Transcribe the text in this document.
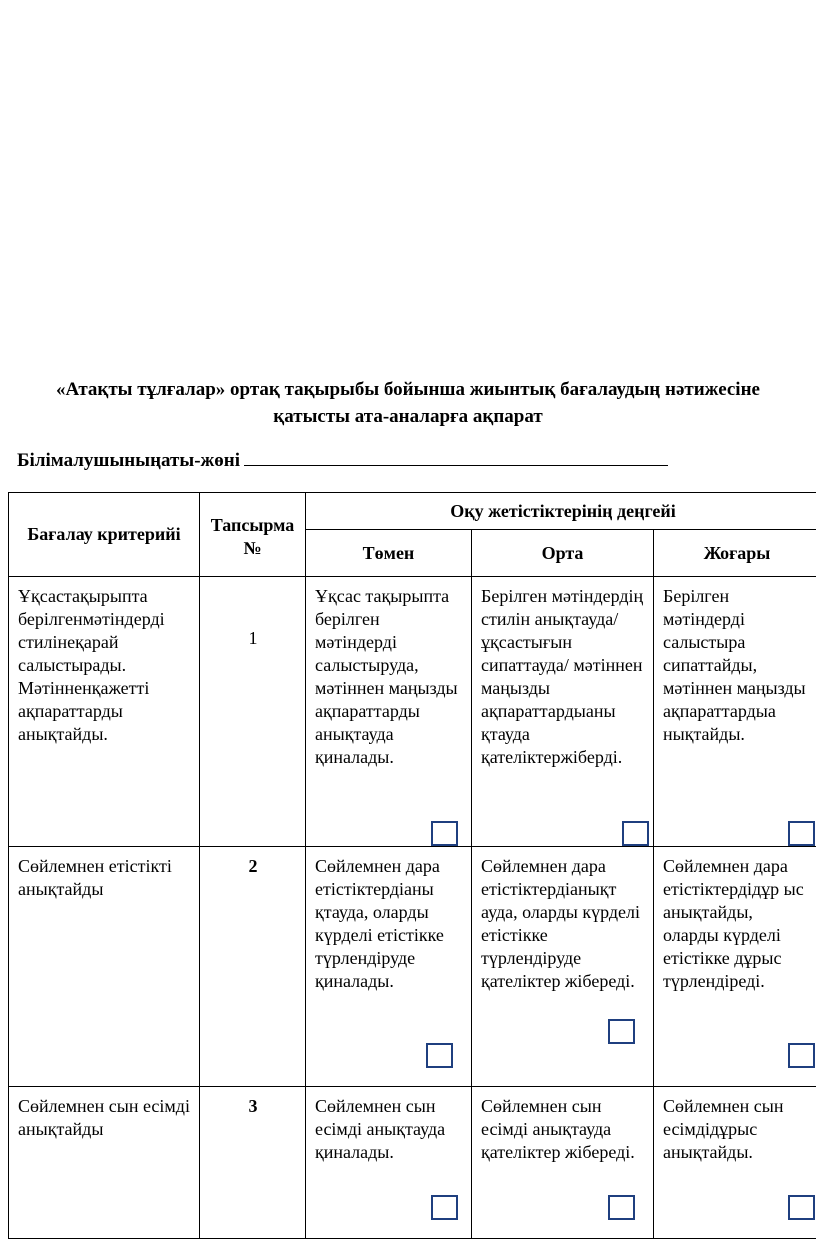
«Атақты тұлғалар» ортақ тақырыбы бойынша жиынтық бағалаудың нәтижесіне
қатысты ата-аналарға ақпарат
Білімалушыныңаты-жөні
Бағалау критерийі	Тапсырма №	Оқу жетістіктерінің деңгейі		
		Төмен	Орта	Жоғары

Ұқсастақырыпта берілгенмәтіндерді стилінеқарай салыстырады. Мәтінненқажетті ақпараттарды анықтайды.	1	Ұқсас тақырыпта берілген мәтіндерді салыстыруда, мәтіннен маңызды ақпараттарды анықтауда қиналады.	Берілген мәтіндердің стилін анықтауда/ ұқсастығын сипаттауда/ мәтіннен маңызды ақпараттардыаны қтауда қателіктержіберді.	Берілген мәтіндерді салыстыра сипаттайды, мәтіннен маңызды ақпараттардыа нықтайды.

Сөйлемнен етістікті анықтайды	2	Сөйлемнен дара етістіктердіаны қтауда, оларды күрделі етістікке түрлендіруде қиналады.	Сөйлемнен дара етістіктердіанықт ауда, оларды күрделі етістікке түрлендіруде қателіктер жібереді.	Сөйлемнен дара етістіктердідұр ыс анықтайды, оларды күрделі етістікке дұрыс түрлендіреді.

Сөйлемнен сын есімді анықтайды	3	Сөйлемнен сын есімді анықтауда қиналады.	Сөйлемнен сын есімді анықтауда қателіктер жібереді.	Сөйлемнен сын есімдідұрыс анықтайды.
